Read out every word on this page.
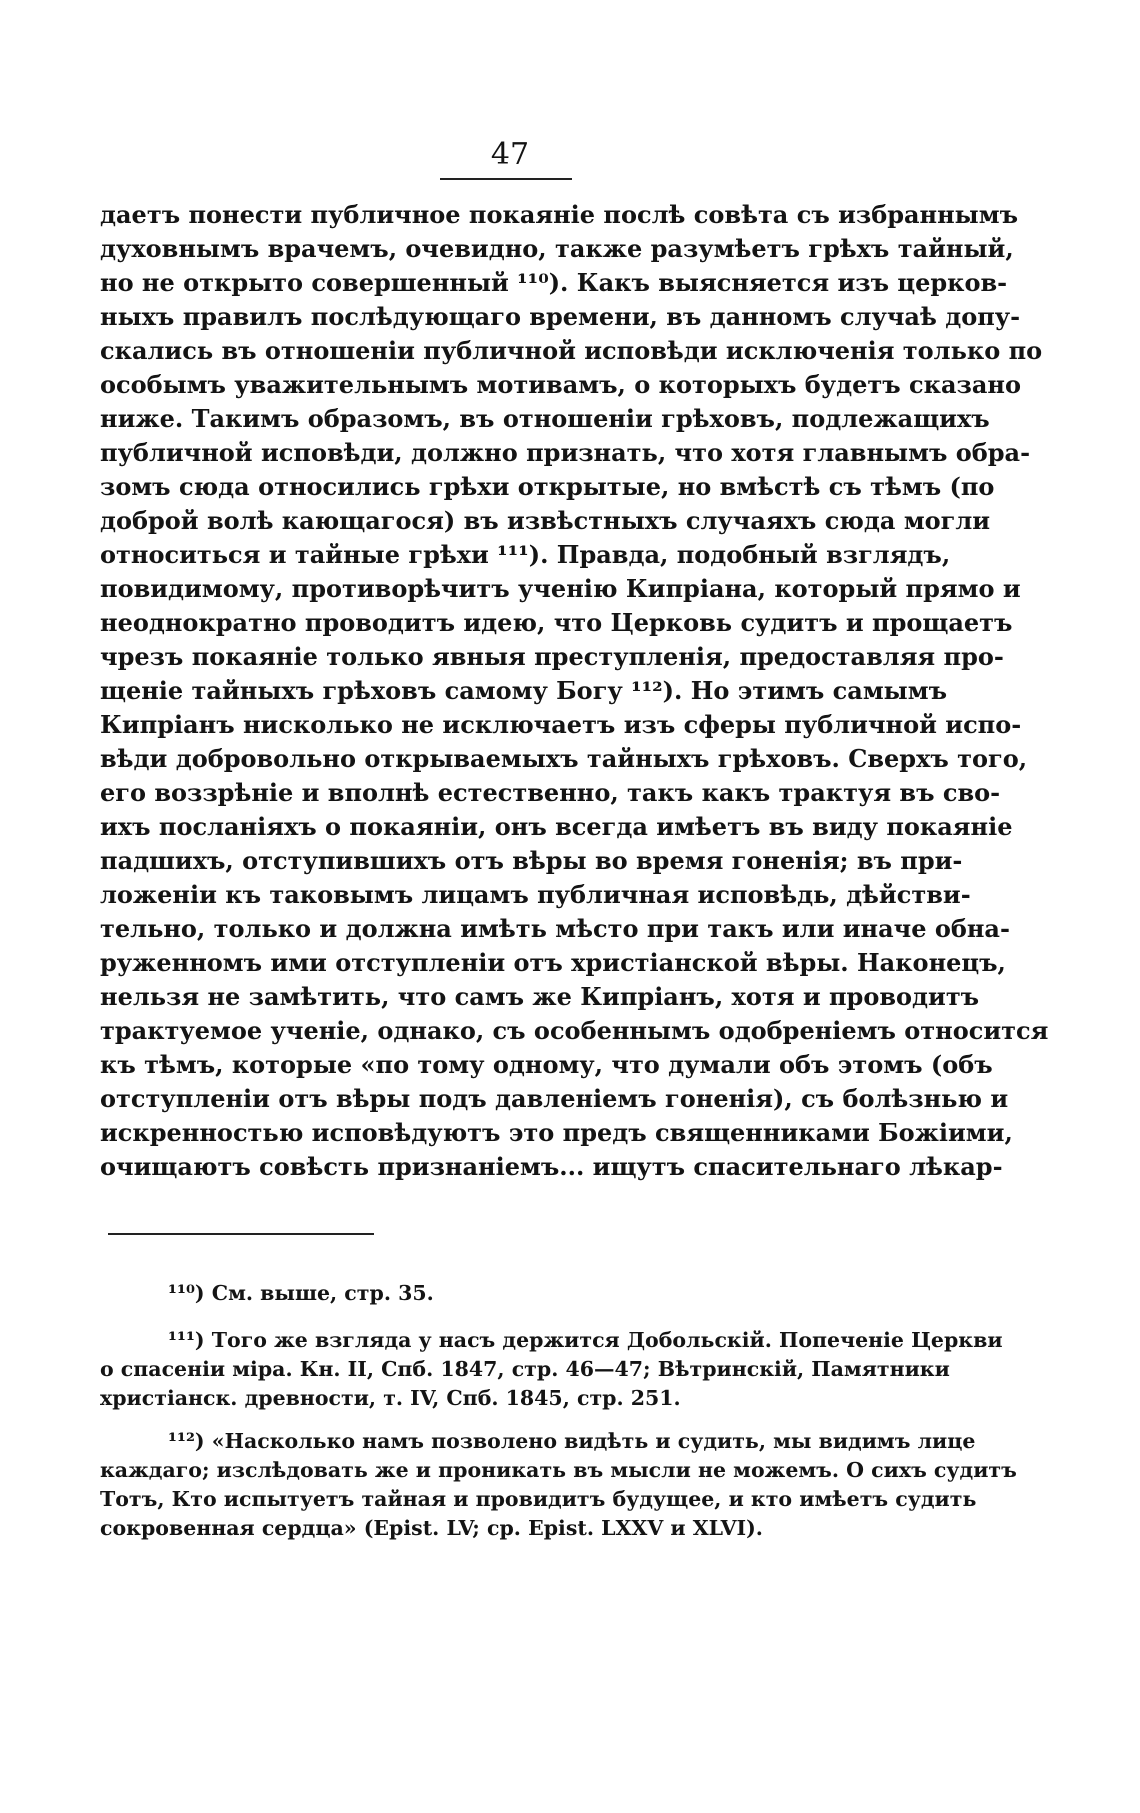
47
даетъ понести публичное покаяніе послѣ совѣта съ избраннымъ
духовнымъ врачемъ, очевидно, также разумѣетъ грѣхъ тайный,
но не открыто совершенный ¹¹⁰). Какъ выясняется изъ церков-
ныхъ правилъ послѣдующаго времени, въ данномъ случаѣ допу-
скались въ отношеніи публичной исповѣди исключенія только по
особымъ уважительнымъ мотивамъ, о которыхъ будетъ сказано
ниже. Такимъ образомъ, въ отношеніи грѣховъ, подлежащихъ
публичной исповѣди, должно признать, что хотя главнымъ обра-
зомъ сюда относились грѣхи открытые, но вмѣстѣ съ тѣмъ (по
доброй волѣ кающагося) въ извѣстныхъ случаяхъ сюда могли
относиться и тайные грѣхи ¹¹¹). Правда, подобный взглядъ,
повидимому, противорѣчитъ ученію Кипріана, который прямо и
неоднократно проводитъ идею, что Церковь судитъ и прощаетъ
чрезъ покаяніе только явныя преступленія, предоставляя про-
щеніе тайныхъ грѣховъ самому Богу ¹¹²). Но этимъ самымъ
Кипріанъ нисколько не исключаетъ изъ сферы публичной испо-
вѣди добровольно открываемыхъ тайныхъ грѣховъ. Сверхъ того,
его воззрѣніе и вполнѣ естественно, такъ какъ трактуя въ сво-
ихъ посланіяхъ о покаяніи, онъ всегда имѣетъ въ виду покаяніе
падшихъ, отступившихъ отъ вѣры во время гоненія; въ при-
ложеніи къ таковымъ лицамъ публичная исповѣдь, дѣйстви-
тельно, только и должна имѣть мѣсто при такъ или иначе обна-
руженномъ ими отступленіи отъ христіанской вѣры. Наконецъ,
нельзя не замѣтить, что самъ же Кипріанъ, хотя и проводитъ
трактуемое ученіе, однако, съ особеннымъ одобреніемъ относится
къ тѣмъ, которые «по тому одному, что думали объ этомъ (объ
отступленіи отъ вѣры подъ давленіемъ гоненія), съ болѣзнью и
искренностью исповѣдуютъ это предъ священниками Божіими,
очищаютъ совѣсть признаніемъ... ищутъ спасительнаго лѣкар-
¹¹⁰) См. выше, стр. 35.
¹¹¹) Того же взгляда у насъ держится Добольскій. Попеченіе Церкви
о спасеніи міра. Кн. II, Спб. 1847, стр. 46—47; Вѣтринскій, Памятники
христіанск. древности, т. IV, Спб. 1845, стр. 251.
¹¹²) «Насколько намъ позволено видѣть и судить, мы видимъ лице
каждаго; изслѣдовать же и проникать въ мысли не можемъ. О сихъ судитъ
Тотъ, Кто испытуетъ тайная и провидитъ будущее, и кто имѣетъ судить
сокровенная сердца» (Epist. LV; ср. Epist. LXXV и XLVI).
